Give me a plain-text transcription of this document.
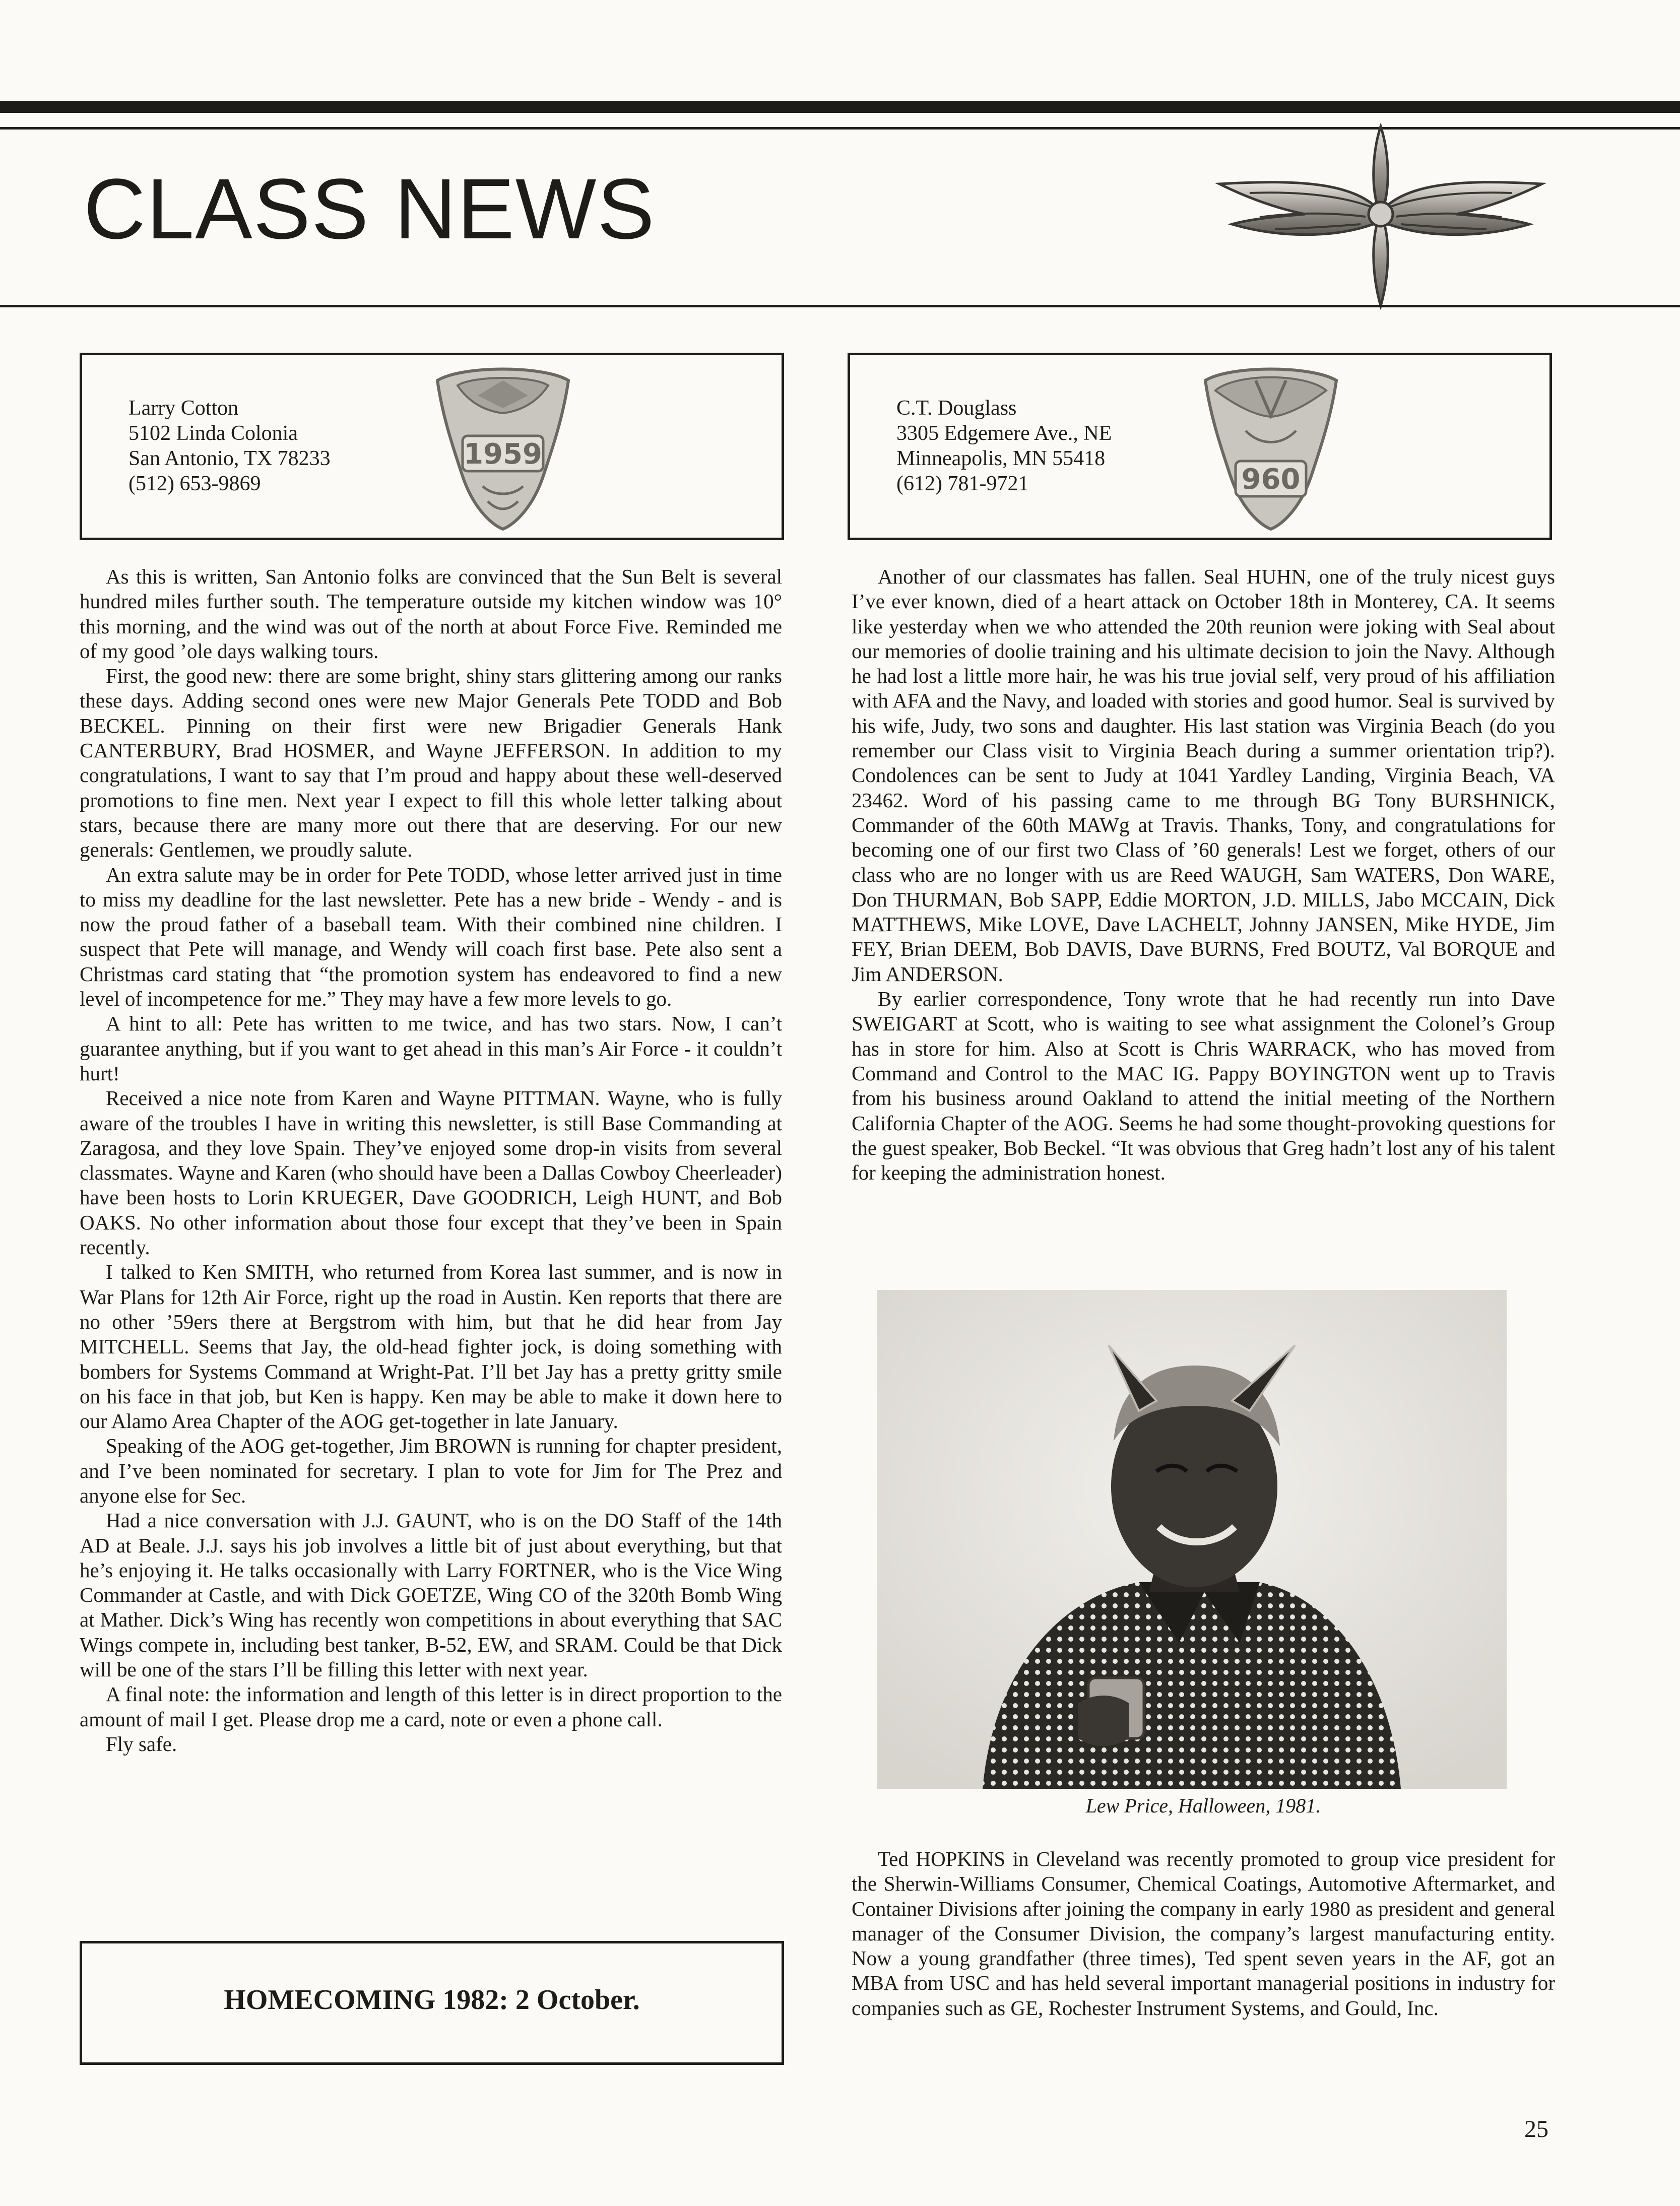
CLASS NEWS
Larry Cotton
5102 Linda Colonia
San Antonio, TX 78233
(512) 653-9869
1959
C.T. Douglass
3305 Edgemere Ave., NE
Minneapolis, MN 55418
(612) 781-9721	960

As this is written, San Antonio folks are convinced that the Sun Belt is several hundred miles further south. The temperature outside my kitchen window was 10° this morning, and the wind was out of the north at about Force Five. Reminded me of my good ’ole days walking tours.

First, the good new: there are some bright, shiny stars glittering among our ranks these days. Adding second ones were new Major Generals Pete TODD and Bob BECKEL. Pinning on their first were new Brigadier Generals Hank CANTERBURY, Brad HOSMER, and Wayne JEFFERSON. In addition to my congratulations, I want to say that I’m proud and happy about these well-deserved promotions to fine men. Next year I expect to fill this whole letter talking about stars, because there are many more out there that are deserving. For our new generals: Gentlemen, we proudly salute.

An extra salute may be in order for Pete TODD, whose letter arrived just in time to miss my deadline for the last newsletter. Pete has a new bride - Wendy - and is now the proud father of a baseball team. With their combined nine children. I suspect that Pete will manage, and Wendy will coach first base. Pete also sent a Christmas card stating that “the promotion system has endeavored to find a new level of incompetence for me.” They may have a few more levels to go.

A hint to all: Pete has written to me twice, and has two stars. Now, I can’t guarantee anything, but if you want to get ahead in this man’s Air Force - it couldn’t hurt!

Received a nice note from Karen and Wayne PITTMAN. Wayne, who is fully aware of the troubles I have in writing this newsletter, is still Base Commanding at Zaragosa, and they love Spain. They’ve enjoyed some drop-in visits from several classmates. Wayne and Karen (who should have been a Dallas Cowboy Cheerleader) have been hosts to Lorin KRUEGER, Dave GOODRICH, Leigh HUNT, and Bob OAKS. No other information about those four except that they’ve been in Spain recently.

I talked to Ken SMITH, who returned from Korea last summer, and is now in War Plans for 12th Air Force, right up the road in Austin. Ken reports that there are no other ’59ers there at Bergstrom with him, but that he did hear from Jay MITCHELL. Seems that Jay, the old-head fighter jock, is doing something with bombers for Systems Command at Wright-Pat. I’ll bet Jay has a pretty gritty smile on his face in that job, but Ken is happy. Ken may be able to make it down here to our Alamo Area Chapter of the AOG get-together in late January.

Speaking of the AOG get-together, Jim BROWN is running for chapter president, and I’ve been nominated for secretary. I plan to vote for Jim for The Prez and anyone else for Sec.

Had a nice conversation with J.J. GAUNT, who is on the DO Staff of the 14th AD at Beale. J.J. says his job involves a little bit of just about everything, but that he’s enjoying it. He talks occasionally with Larry FORTNER, who is the Vice Wing Commander at Castle, and with Dick GOETZE, Wing CO of the 320th Bomb Wing at Mather. Dick’s Wing has recently won competitions in about everything that SAC Wings compete in, including best tanker, B-52, EW, and SRAM. Could be that Dick will be one of the stars I’ll be filling this letter with next year.

A final note: the information and length of this letter is in direct proportion to the amount of mail I get. Please drop me a card, note or even a phone call.

Fly safe.

HOMECOMING 1982: 2 October.

Another of our classmates has fallen. Seal HUHN, one of the truly nicest guys I’ve ever known, died of a heart attack on October 18th in Monterey, CA. It seems like yesterday when we who attended the 20th reunion were joking with Seal about our memories of doolie training and his ultimate decision to join the Navy. Although he had lost a little more hair, he was his true jovial self, very proud of his affiliation with AFA and the Navy, and loaded with stories and good humor. Seal is survived by his wife, Judy, two sons and daughter. His last station was Virginia Beach (do you remember our Class visit to Virginia Beach during a summer orientation trip?). Condolences can be sent to Judy at 1041 Yardley Landing, Virginia Beach, VA 23462. Word of his passing came to me through BG Tony BURSHNICK, Commander of the 60th MAWg at Travis. Thanks, Tony, and congratulations for becoming one of our first two Class of ’60 generals! Lest we forget, others of our class who are no longer with us are Reed WAUGH, Sam WATERS, Don WARE, Don THURMAN, Bob SAPP, Eddie MORTON, J.D. MILLS, Jabo MCCAIN, Dick MATTHEWS, Mike LOVE, Dave LACHELT, Johnny JANSEN, Mike HYDE, Jim FEY, Brian DEEM, Bob DAVIS, Dave BURNS, Fred BOUTZ, Val BORQUE and Jim ANDERSON.

By earlier correspondence, Tony wrote that he had recently run into Dave SWEIGART at Scott, who is waiting to see what assignment the Colonel’s Group has in store for him. Also at Scott is Chris WARRACK, who has moved from Command and Control to the MAC IG. Pappy BOYINGTON went up to Travis from his business around Oakland to attend the initial meeting of the Northern California Chapter of the AOG. Seems he had some thought-provoking questions for the guest speaker, Bob Beckel. “It was obvious that Greg hadn’t lost any of his talent for keeping the administration honest.

Lew Price, Halloween, 1981.

Ted HOPKINS in Cleveland was recently promoted to group vice president for the Sherwin-Williams Consumer, Chemical Coatings, Automotive Aftermarket, and Container Divisions after joining the company in early 1980 as president and general manager of the Consumer Division, the company’s largest manufacturing entity. Now a young grandfather (three times), Ted spent seven years in the AF, got an MBA from USC and has held several important managerial positions in industry for companies such as GE, Rochester Instrument Systems, and Gould, Inc.

25
